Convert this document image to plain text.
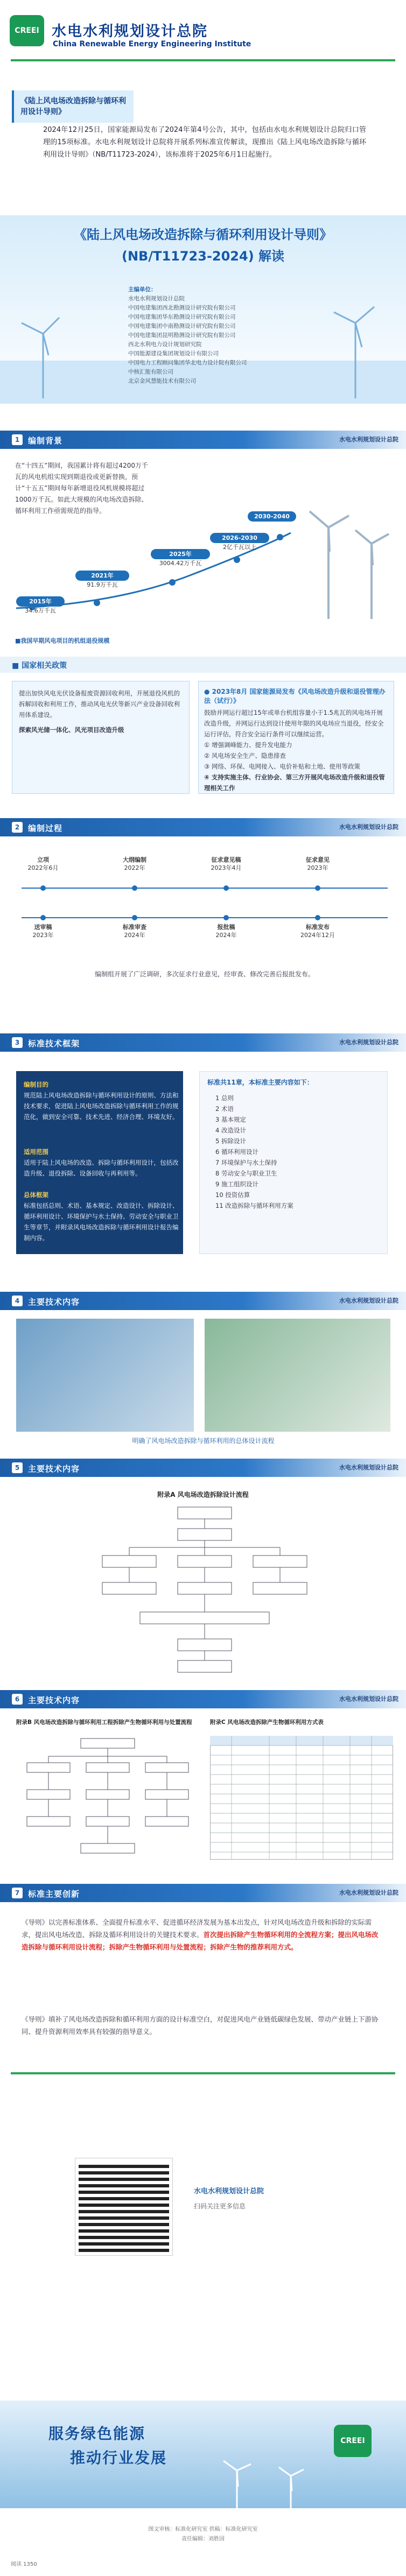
CREEI 水电水利规划设计总院
China Renewable Energy Engineering Institute
《陆上风电场改造拆除与循环利用设计导则》
2024年12月25日，国家能源局发布了2024年第4号公告，其中，包括由水电水利规划设计总院归口管理的15项标准。水电水利规划设计总院将开展系列标准宣传解读，现推出《陆上风电场改造拆除与循环利用设计导则》（NB/T11723-2024），该标准将于2025年6月1日起施行。
《陆上风电场改造拆除与循环利用设计导则》
(NB/T11723-2024) 解读
主编单位：
水电水利规划设计总院
中国电建集团西北勘测设计研究院有限公司
中国电建集团华东勘测设计研究院有限公司
中国电建集团中南勘测设计研究院有限公司
中国电建集团昆明勘测设计研究院有限公司
西北水利电力设计规划研究院
中国能源建设集团规划设计有限公司
中国电力工程顾问集团华北电力设计院有限公司
中核汇能有限公司
北京金风慧能技术有限公司
1	编制背景	水电水利规划设计总院
在“十四五”期间，我国累计将有超过4200万千瓦的风电机组实现到期退役或更新替换，预计“十五五”期间每年新增退役风机规模将超过1000万千瓦。如此大规模的风电场改造拆除、循环利用工作亟需规范的指导。
2015年
34.6万千瓦
2021年
91.9万千瓦
2025年
3004.42万千瓦
2026-2030
2亿千瓦以上
2030-2040
■我国早期风电项目的机组退役规模
■ 国家相关政策
提出加快风电光伏设备报废资源回收利用，开展退役风机的拆解回收和利用工作，推动风电光伏等新兴产业设备回收利用体系建设。
探索风光储一体化、风光项目改造升级
● 2023年8月 国家能源局发布《风电场改造升级和退役管理办法（试行）》
鼓励并网运行超过15年或单台机组容量小于1.5兆瓦的风电场开展改造升级，并网运行达到设计使用年限的风电场应当退役，经安全运行评估，符合安全运行条件可以继续运营。
① 增强调峰能力、提升发电能力
② 风电场安全生产、隐患排查
③ 网络、环保、电网接入、电价补贴和土地、使用等政策
④ 支持实施主体、行业协会、第三方开展风电场改造升级和退役管理相关工作
2	编制过程	水电水利规划设计总院
立项
2022年6月
大纲编制
2022年
征求意见稿
2023年4月
征求意见
2023年
送审稿
2023年
标准审查
2024年
报批稿
2024年
标准发布
2024年12月
编制组开展了广泛调研，多次征求行业意见，经审查、修改完善后报批发布。
3	标准技术框架	水电水利规划设计总院
编制目的
规范陆上风电场改造拆除与循环利用设计的原则、方法和技术要求，促进陆上风电场改造拆除与循环利用工作的规范化，做到安全可靠、技术先进、经济合理、环境友好。
适用范围
适用于陆上风电场的改造、拆除与循环利用设计，包括改造升级、退役拆除、设备回收与再利用等。
总体框架
标准包括总则、术语、基本规定、改造设计、拆除设计、循环利用设计、环境保护与水土保持、劳动安全与职业卫生等章节，并附录风电场改造拆除与循环利用设计报告编制内容。
标准共11章，本标准主要内容如下：
1 总则
2 术语
3 基本规定
4 改造设计
5 拆除设计
6 循环利用设计
7 环境保护与水土保持
8 劳动安全与职业卫生
9 施工组织设计
10 投资估算
11 改造拆除与循环利用方案
4	主要技术内容	水电水利规划设计总院
明确了风电场改造拆除与循环利用的总体设计流程
5	主要技术内容	水电水利规划设计总院
附录A 风电场改造拆除设计流程
6	主要技术内容	水电水利规划设计总院
附录B 风电场改造拆除与循环利用工程拆除产生物循环利用与处置流程	附录C 风电场改造拆除产生物循环利用方式表
7	标准主要创新	水电水利规划设计总院
《导则》以完善标准体系、全面提升标准水平、促进循环经济发展为基本出发点，针对风电场改造升级和拆除的实际需求，提出风电场改造、拆除及循环利用设计的关键技术要求。首次提出拆除产生物循环利用的全流程方案；提出风电场改造拆除与循环利用设计流程；拆除产生物循环利用与处置流程；拆除产生物的推荐利用方式。
《导则》填补了风电场改造拆除和循环利用方面的设计标准空白，对促进风电产业链低碳绿色发展、带动产业链上下游协同、提升资源利用效率具有较强的指导意义。
水电水利规划设计总院
扫码关注更多信息
服务绿色能源
推动行业发展
CREEI
图文审核：标准化研究室 供稿：标准化研究室
责任编辑：刘胜国
阅读 1350
